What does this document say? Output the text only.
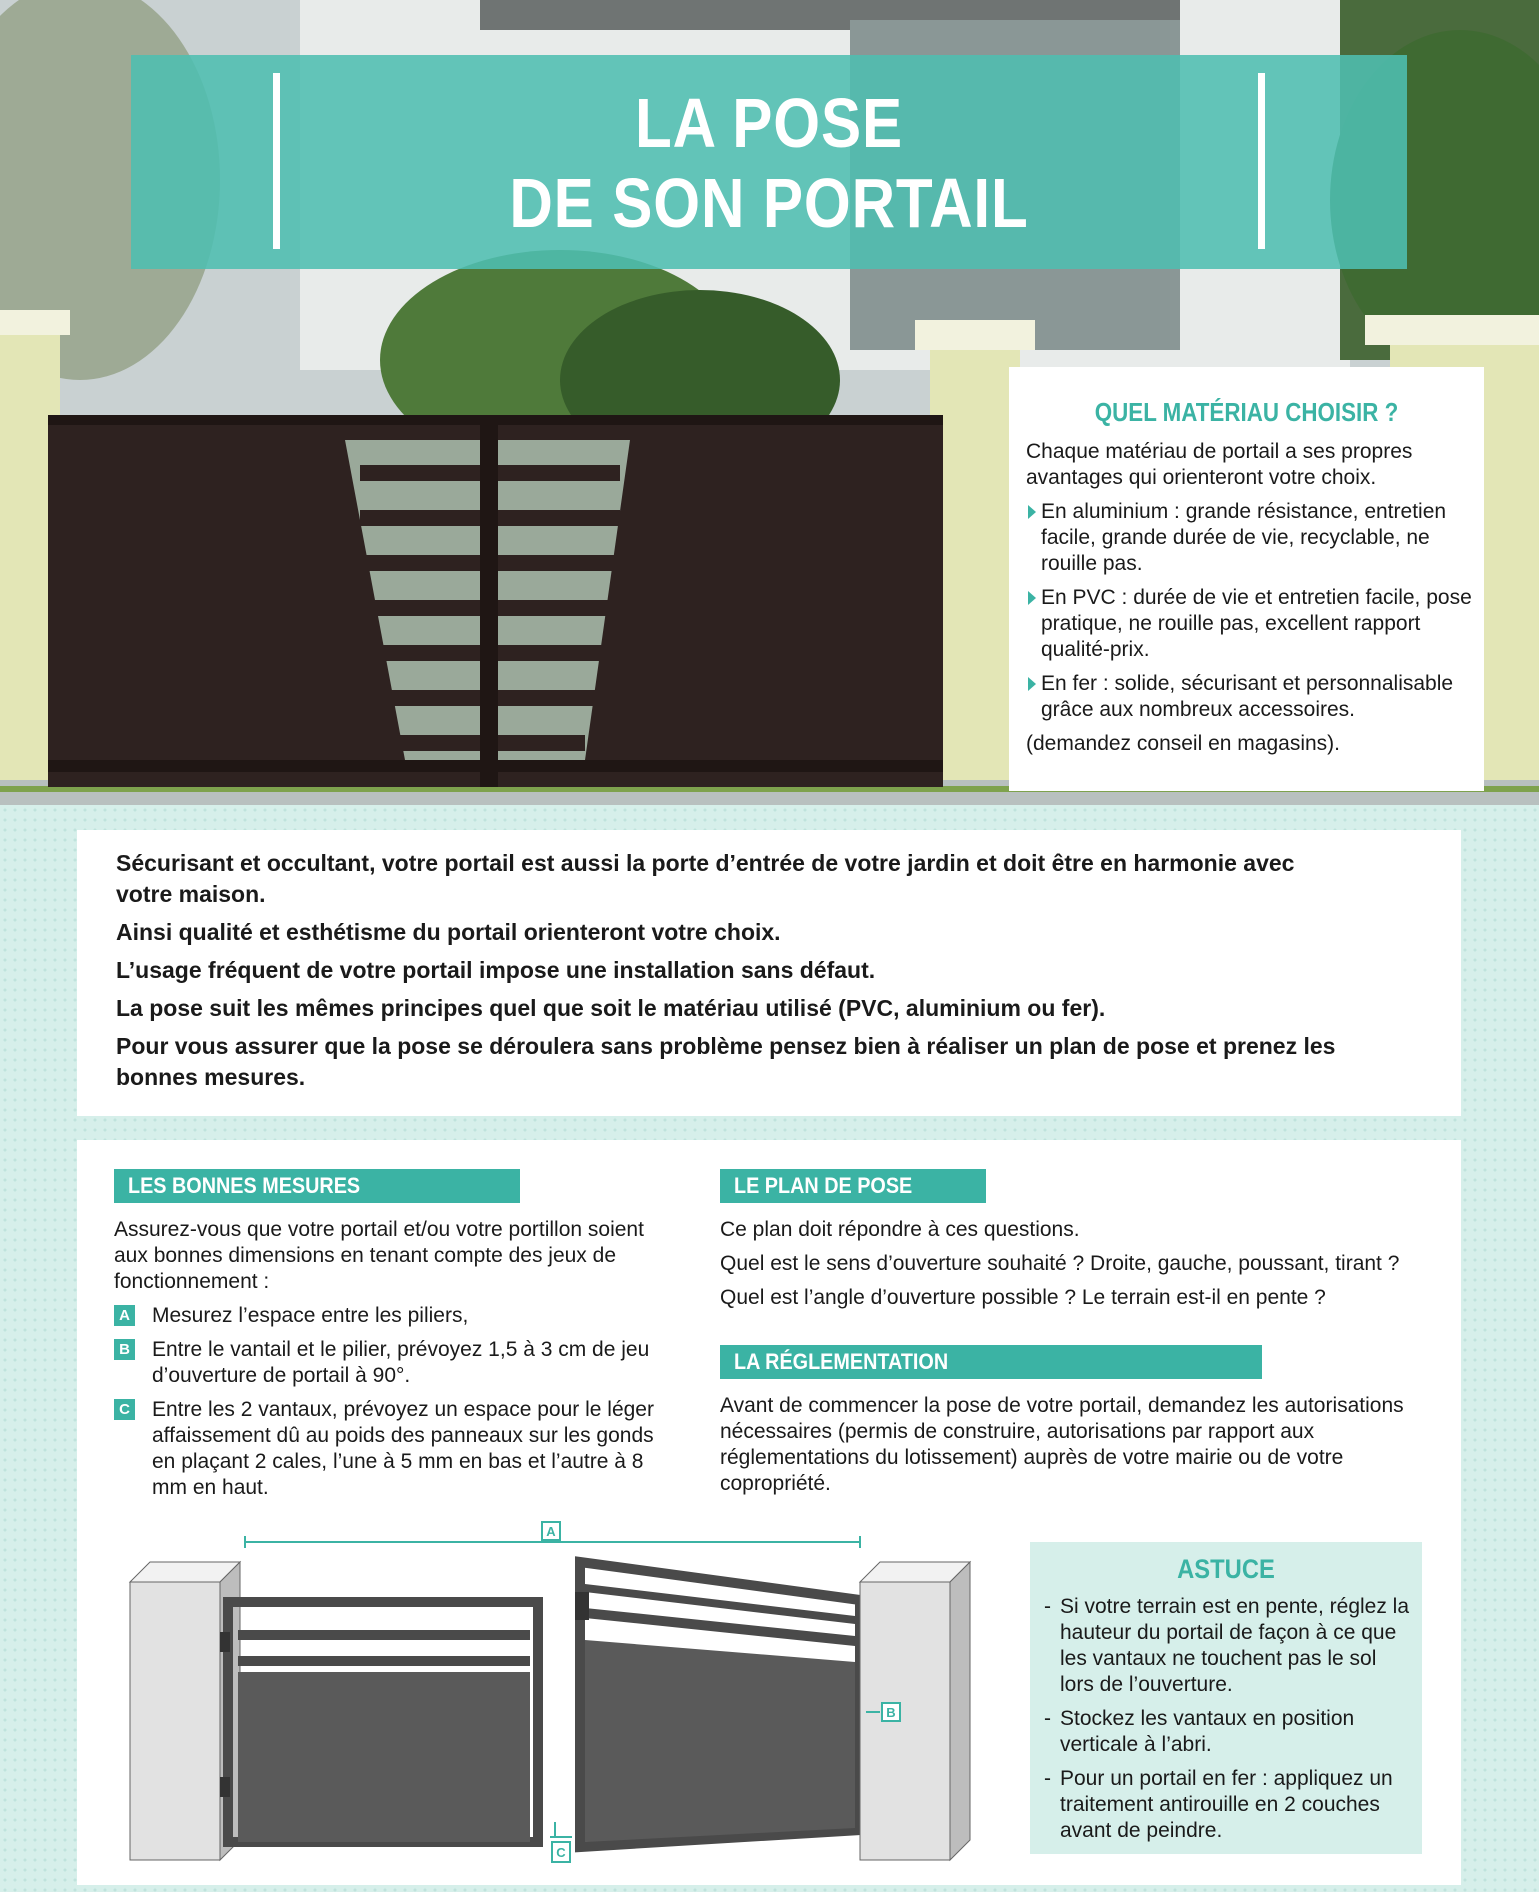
LA POSE
DE SON PORTAIL
QUEL MATÉRIAU CHOISIR ?

Chaque matériau de portail a ses propres avantages qui orienteront votre choix.

En aluminium : grande résistance, entretien facile, grande durée de vie, recyclable, ne rouille pas.
En PVC : durée de vie et entretien facile, pose pratique, ne rouille pas, excellent rapport qualité-prix.
En fer : solide, sécurisant et personnalisable grâce aux nombreux accessoires.

(demandez conseil en magasins).

Sécurisant et occultant, votre portail est aussi la porte d’entrée de votre jardin et doit être en harmonie avec votre maison.

Ainsi qualité et esthétisme du portail orienteront votre choix.

L’usage fréquent de votre portail impose une installation sans défaut.

La pose suit les mêmes principes quel que soit le matériau utilisé (PVC, aluminium ou fer).

Pour vous assurer que la pose se déroulera sans problème pensez bien à réaliser un plan de pose et prenez les bonnes mesures.

LES BONNES MESURES

Assurez-vous que votre portail et/ou votre portillon soient aux bonnes dimensions en tenant compte des jeux de fonctionnement :

A Mesurez l’espace entre les piliers,
B Entre le vantail et le pilier, prévoyez 1,5 à 3 cm de jeu d’ouverture de portail à 90°.
C Entre les 2 vantaux, prévoyez un espace pour le léger affaissement dû au poids des panneaux sur les gonds en plaçant 2 cales, l’une à 5 mm en bas et l’autre à 8 mm en haut.
LE PLAN DE POSE

Ce plan doit répondre à ces questions.

Quel est le sens d’ouverture souhaité ? Droite, gauche, poussant, tirant ?

Quel est l’angle d’ouverture possible ? Le terrain est-il en pente ?

LA RÉGLEMENTATION

Avant de commencer la pose de votre portail, demandez les autorisations nécessaires (permis de construire, autorisations par rapport aux réglementations du lotissement) auprès de votre mairie ou de votre copropriété.

A
B
C
ASTUCE
- Si votre terrain est en pente, réglez la hauteur du portail de façon à ce que les vantaux ne touchent pas le sol lors de l’ouverture.
- Stockez les vantaux en position verticale à l’abri.
- Pour un portail en fer : appliquez un traitement antirouille en 2 couches avant de peindre.
